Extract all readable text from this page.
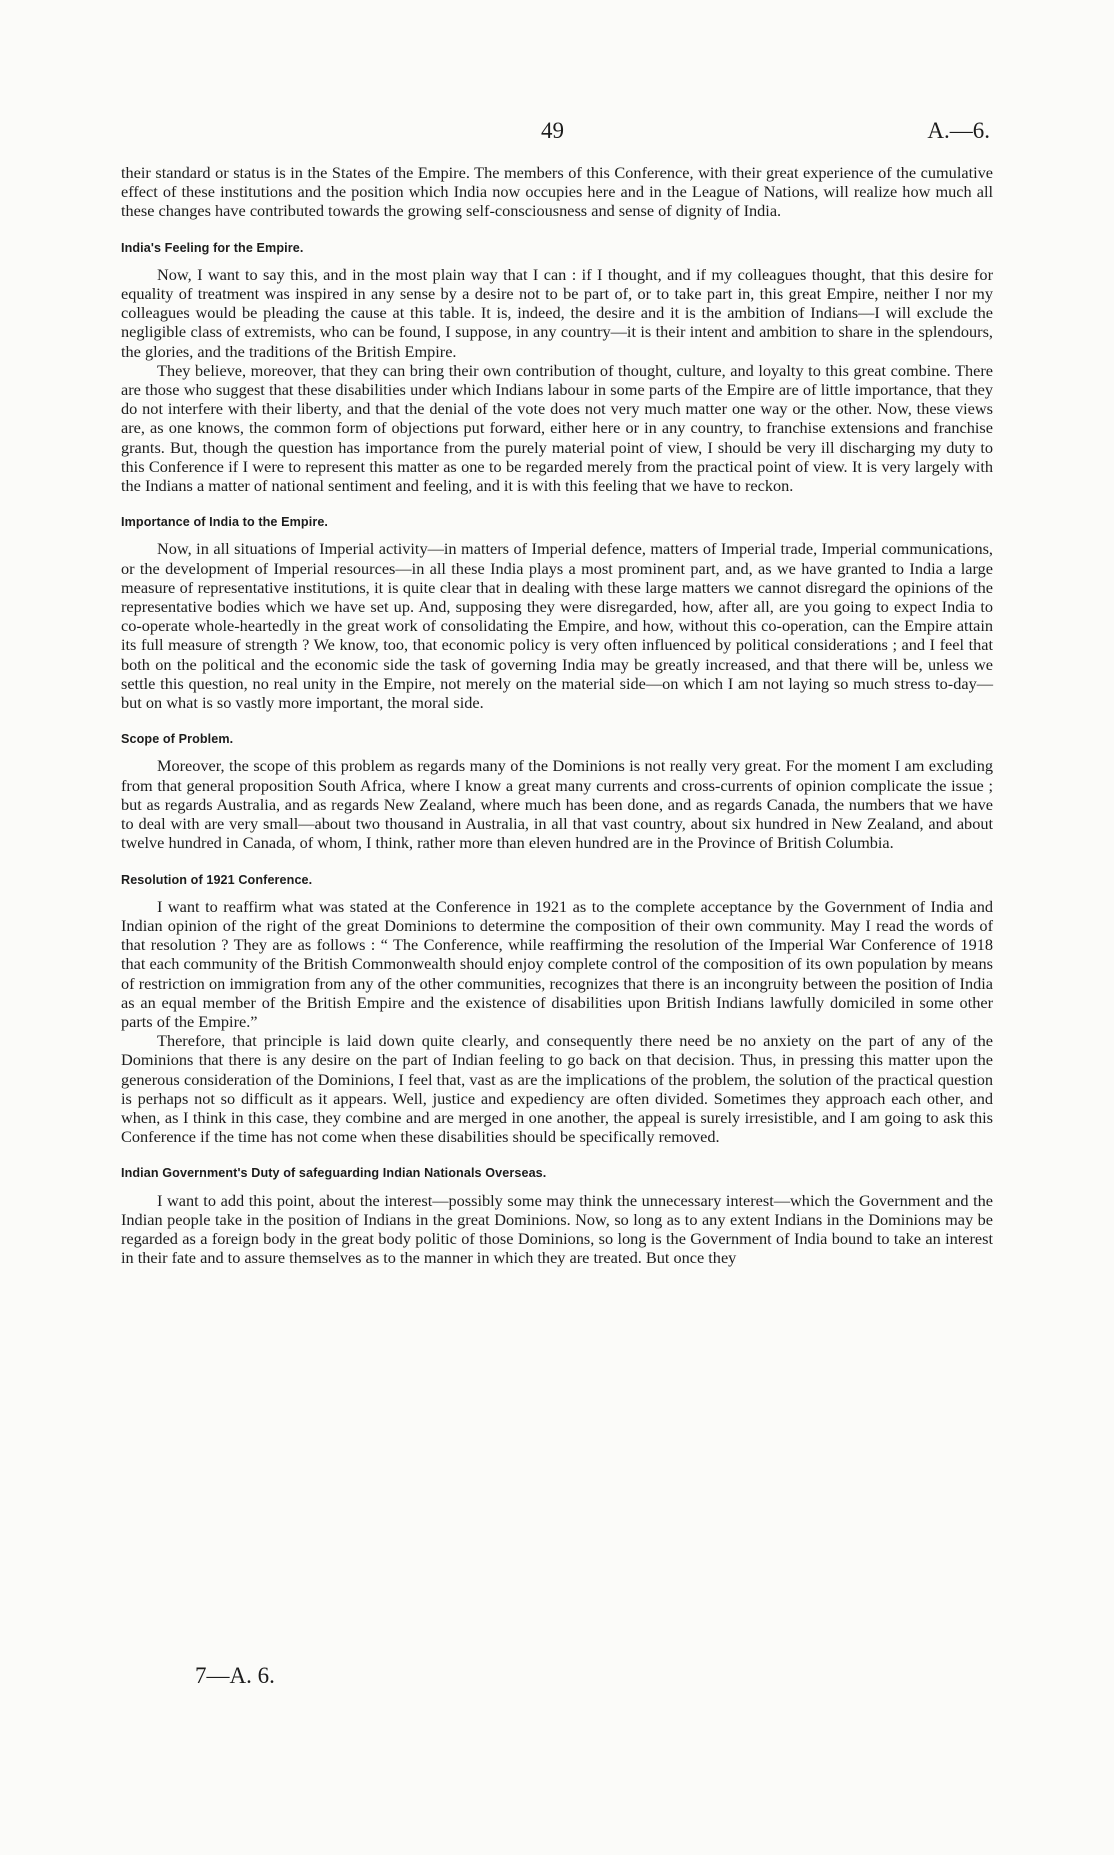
49	A.—6.

their standard or status is in the States of the Empire. The members of this Conference, with their great experience of the cumulative effect of these institutions and the position which India now occupies here and in the League of Nations, will realize how much all these changes have contributed towards the growing self-consciousness and sense of dignity of India.

India's Feeling for the Empire.

Now, I want to say this, and in the most plain way that I can : if I thought, and if my colleagues thought, that this desire for equality of treatment was inspired in any sense by a desire not to be part of, or to take part in, this great Empire, neither I nor my colleagues would be pleading the cause at this table. It is, indeed, the desire and it is the ambition of Indians—I will exclude the negligible class of extremists, who can be found, I suppose, in any country—it is their intent and ambition to share in the splendours, the glories, and the traditions of the British Empire.

They believe, moreover, that they can bring their own contribution of thought, culture, and loyalty to this great combine. There are those who suggest that these disabilities under which Indians labour in some parts of the Empire are of little importance, that they do not interfere with their liberty, and that the denial of the vote does not very much matter one way or the other. Now, these views are, as one knows, the common form of objections put forward, either here or in any country, to franchise extensions and franchise grants. But, though the question has importance from the purely material point of view, I should be very ill discharging my duty to this Conference if I were to represent this matter as one to be regarded merely from the practical point of view. It is very largely with the Indians a matter of national sentiment and feeling, and it is with this feeling that we have to reckon.

Importance of India to the Empire.

Now, in all situations of Imperial activity—in matters of Imperial defence, matters of Imperial trade, Imperial communications, or the development of Imperial resources—in all these India plays a most prominent part, and, as we have granted to India a large measure of representative institutions, it is quite clear that in dealing with these large matters we cannot disregard the opinions of the representative bodies which we have set up. And, supposing they were disregarded, how, after all, are you going to expect India to co-operate whole-heartedly in the great work of consolidating the Empire, and how, without this co-operation, can the Empire attain its full measure of strength ? We know, too, that economic policy is very often influenced by political considerations ; and I feel that both on the political and the economic side the task of governing India may be greatly increased, and that there will be, unless we settle this question, no real unity in the Empire, not merely on the material side—on which I am not laying so much stress to-day—but on what is so vastly more important, the moral side.

Scope of Problem.

Moreover, the scope of this problem as regards many of the Dominions is not really very great. For the moment I am excluding from that general proposition South Africa, where I know a great many currents and cross-currents of opinion complicate the issue ; but as regards Australia, and as regards New Zealand, where much has been done, and as regards Canada, the numbers that we have to deal with are very small—about two thousand in Australia, in all that vast country, about six hundred in New Zealand, and about twelve hundred in Canada, of whom, I think, rather more than eleven hundred are in the Province of British Columbia.

Resolution of 1921 Conference.

I want to reaffirm what was stated at the Conference in 1921 as to the complete acceptance by the Government of India and Indian opinion of the right of the great Dominions to determine the composition of their own community. May I read the words of that resolution ? They are as follows : “ The Conference, while reaffirming the resolution of the Imperial War Conference of 1918 that each community of the British Commonwealth should enjoy complete control of the composition of its own population by means of restriction on immigration from any of the other communities, recognizes that there is an incongruity between the position of India as an equal member of the British Empire and the existence of disabilities upon British Indians lawfully domiciled in some other parts of the Empire.”

Therefore, that principle is laid down quite clearly, and consequently there need be no anxiety on the part of any of the Dominions that there is any desire on the part of Indian feeling to go back on that decision. Thus, in pressing this matter upon the generous consideration of the Dominions, I feel that, vast as are the implications of the problem, the solution of the practical question is perhaps not so difficult as it appears. Well, justice and expediency are often divided. Sometimes they approach each other, and when, as I think in this case, they combine and are merged in one another, the appeal is surely irresistible, and I am going to ask this Conference if the time has not come when these disabilities should be specifically removed.

Indian Government's Duty of safeguarding Indian Nationals Overseas.

I want to add this point, about the interest—possibly some may think the unnecessary interest—which the Government and the Indian people take in the position of Indians in the great Dominions. Now, so long as to any extent Indians in the Dominions may be regarded as a foreign body in the great body politic of those Dominions, so long is the Government of India bound to take an interest in their fate and to assure themselves as to the manner in which they are treated. But once they

7—A. 6.
